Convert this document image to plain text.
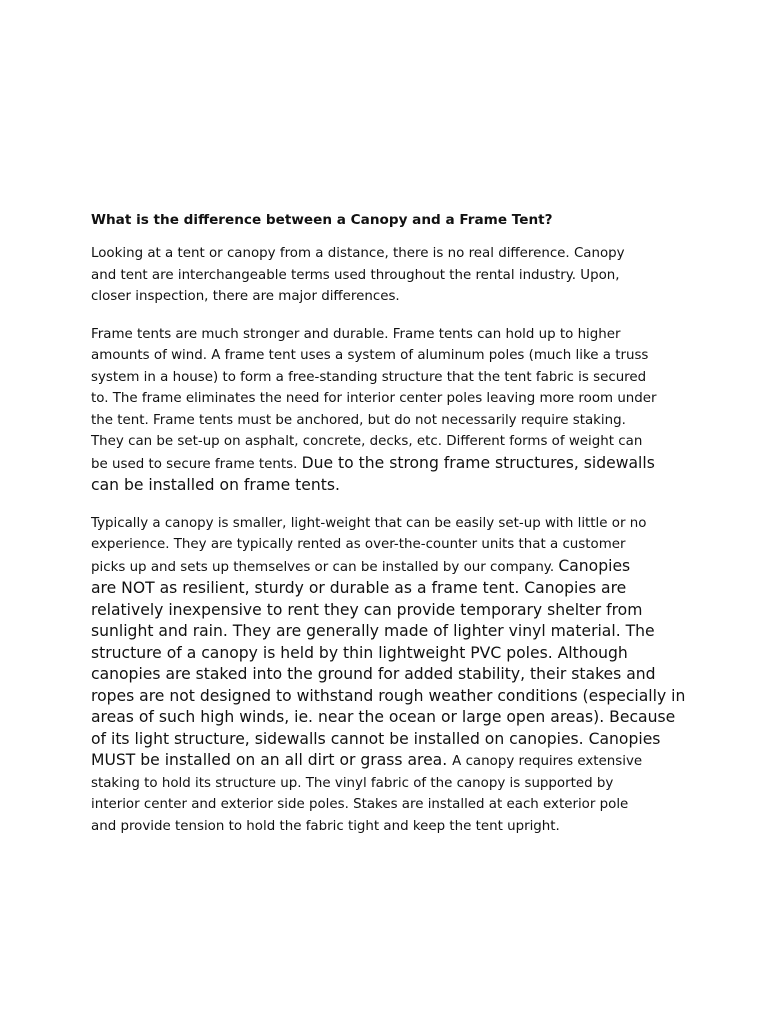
What is the difference between a Canopy and a Frame Tent?

Looking at a tent or canopy from a distance, there is no real difference. Canopy
and tent are interchangeable terms used throughout the rental industry. Upon,
closer inspection, there are major differences.

Frame tents are much stronger and durable. Frame tents can hold up to higher
amounts of wind. A frame tent uses a system of aluminum poles (much like a truss
system in a house) to form a free-standing structure that the tent fabric is secured
to. The frame eliminates the need for interior center poles leaving more room under
the tent. Frame tents must be anchored, but do not necessarily require staking.
They can be set-up on asphalt, concrete, decks, etc. Different forms of weight can
be used to secure frame tents. Due to the strong frame structures, sidewalls
can be installed on frame tents.

Typically a canopy is smaller, light-weight that can be easily set-up with little or no
experience. They are typically rented as over-the-counter units that a customer
picks up and sets up themselves or can be installed by our company. Canopies
are NOT as resilient, sturdy or durable as a frame tent. Canopies are
relatively inexpensive to rent they can provide temporary shelter from
sunlight and rain. They are generally made of lighter vinyl material. The
structure of a canopy is held by thin lightweight PVC poles. Although
canopies are staked into the ground for added stability, their stakes and
ropes are not designed to withstand rough weather conditions (especially in
areas of such high winds, ie. near the ocean or large open areas). Because
of its light structure, sidewalls cannot be installed on canopies. Canopies
MUST be installed on an all dirt or grass area. A canopy requires extensive
staking to hold its structure up. The vinyl fabric of the canopy is supported by
interior center and exterior side poles. Stakes are installed at each exterior pole
and provide tension to hold the fabric tight and keep the tent upright.
